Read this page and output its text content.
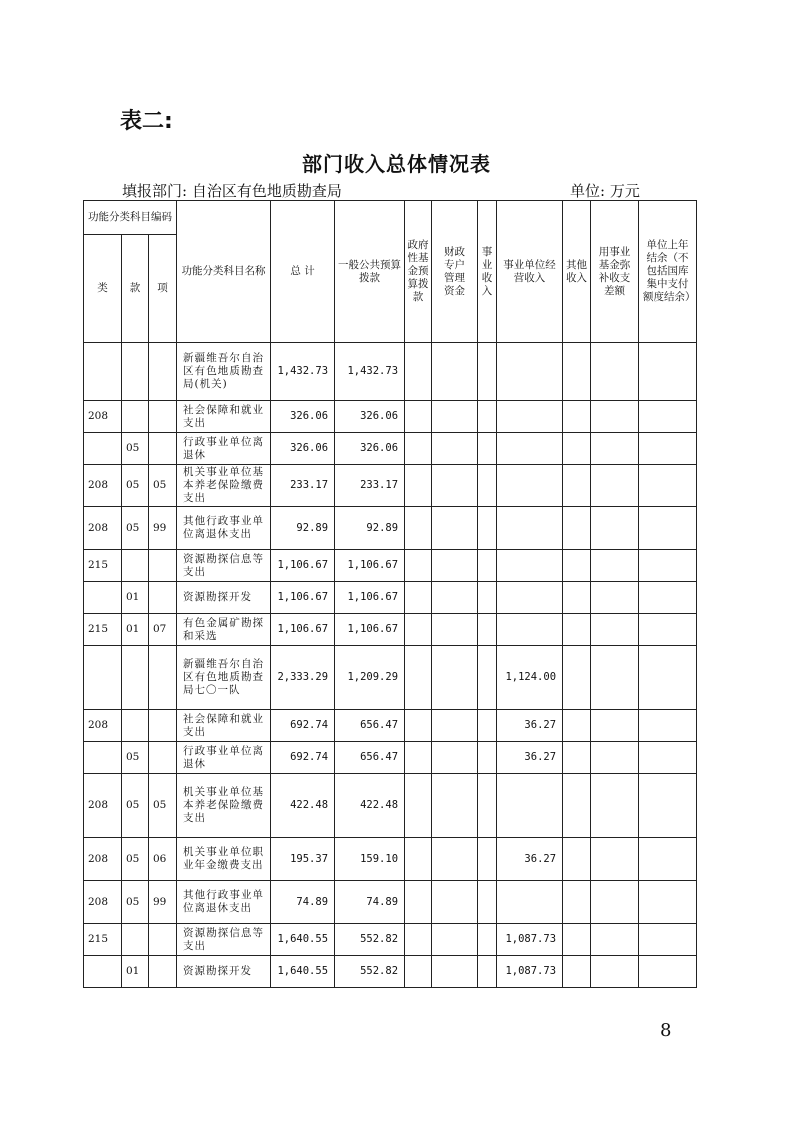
表二:
部门收入总体情况表
填报部门: 自治区有色地质勘查局	单位: 万元
功能分类科目编码			功能分类科目名称	总 计	一般公共预算拨款	政府性基金预算拨款	财政专户管理资金	事业收入	事业单位经营收入	其他收入	用事业基金弥补收支差额	单位上年结余（不包括国库集中支付额度结余）
类	款	项										
			新疆维吾尔自治区有色地质勘查局(机关)	1,432.73	1,432.73							
208			社会保障和就业支出	326.06	326.06							
	05		行政事业单位离退休	326.06	326.06							
208	05	05	机关事业单位基本养老保险缴费支出	233.17	233.17							
208	05	99	其他行政事业单位离退休支出	92.89	92.89							
215			资源勘探信息等支出	1,106.67	1,106.67							
	01		资源勘探开发	1,106.67	1,106.67							
215	01	07	有色金属矿勘探和采选	1,106.67	1,106.67							
			新疆维吾尔自治区有色地质勘查局七〇一队	2,333.29	1,209.29				1,124.00			
208			社会保障和就业支出	692.74	656.47				36.27			
	05		行政事业单位离退休	692.74	656.47				36.27			
208	05	05	机关事业单位基本养老保险缴费支出	422.48	422.48							
208	05	06	机关事业单位职业年金缴费支出	195.37	159.10				36.27			
208	05	99	其他行政事业单位离退休支出	74.89	74.89							
215			资源勘探信息等支出	1,640.55	552.82				1,087.73			
	01		资源勘探开发	1,640.55	552.82				1,087.73			
8
